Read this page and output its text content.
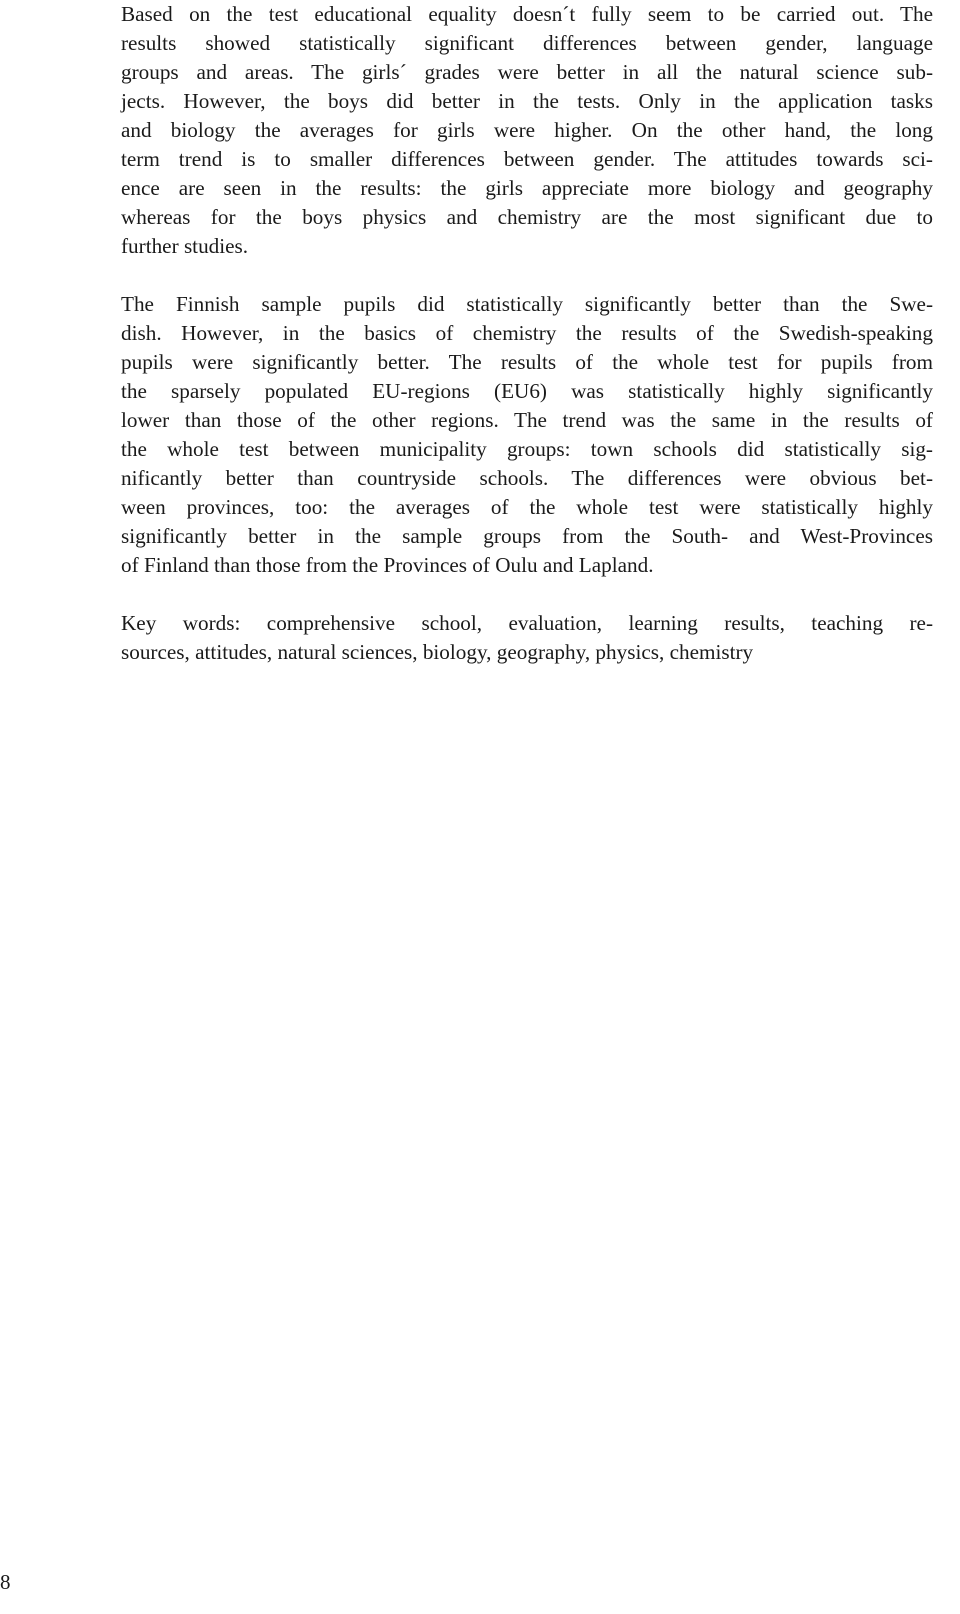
Based on the test educational equality doesn´t fully seem to be carried out. The
results showed statistically significant differences between gender, language
groups and areas. The girls´ grades were better in all the natural science sub-
jects. However, the boys did better in the tests. Only in the application tasks
and biology the averages for girls were higher. On the other hand, the long
term trend is to smaller differences between gender. The attitudes towards sci-
ence are seen in the results: the girls appreciate more biology and geography
whereas for the boys physics and chemistry are the most significant due to
further studies.

The Finnish sample pupils did statistically significantly better than the Swe-
dish. However, in the basics of chemistry the results of the Swedish-speaking
pupils were significantly better. The results of the whole test for pupils from
the sparsely populated EU-regions (EU6) was statistically highly significantly
lower than those of the other regions. The trend was the same in the results of
the whole test between municipality groups: town schools did statistically sig-
nificantly better than countryside schools. The differences were obvious bet-
ween provinces, too: the averages of the whole test were statistically highly
significantly better in the sample groups from the South- and West-Provinces
of Finland than those from the Provinces of Oulu and Lapland.

Key words: comprehensive school, evaluation, learning results, teaching re-
sources, attitudes, natural sciences, biology, geography, physics, chemistry

8
